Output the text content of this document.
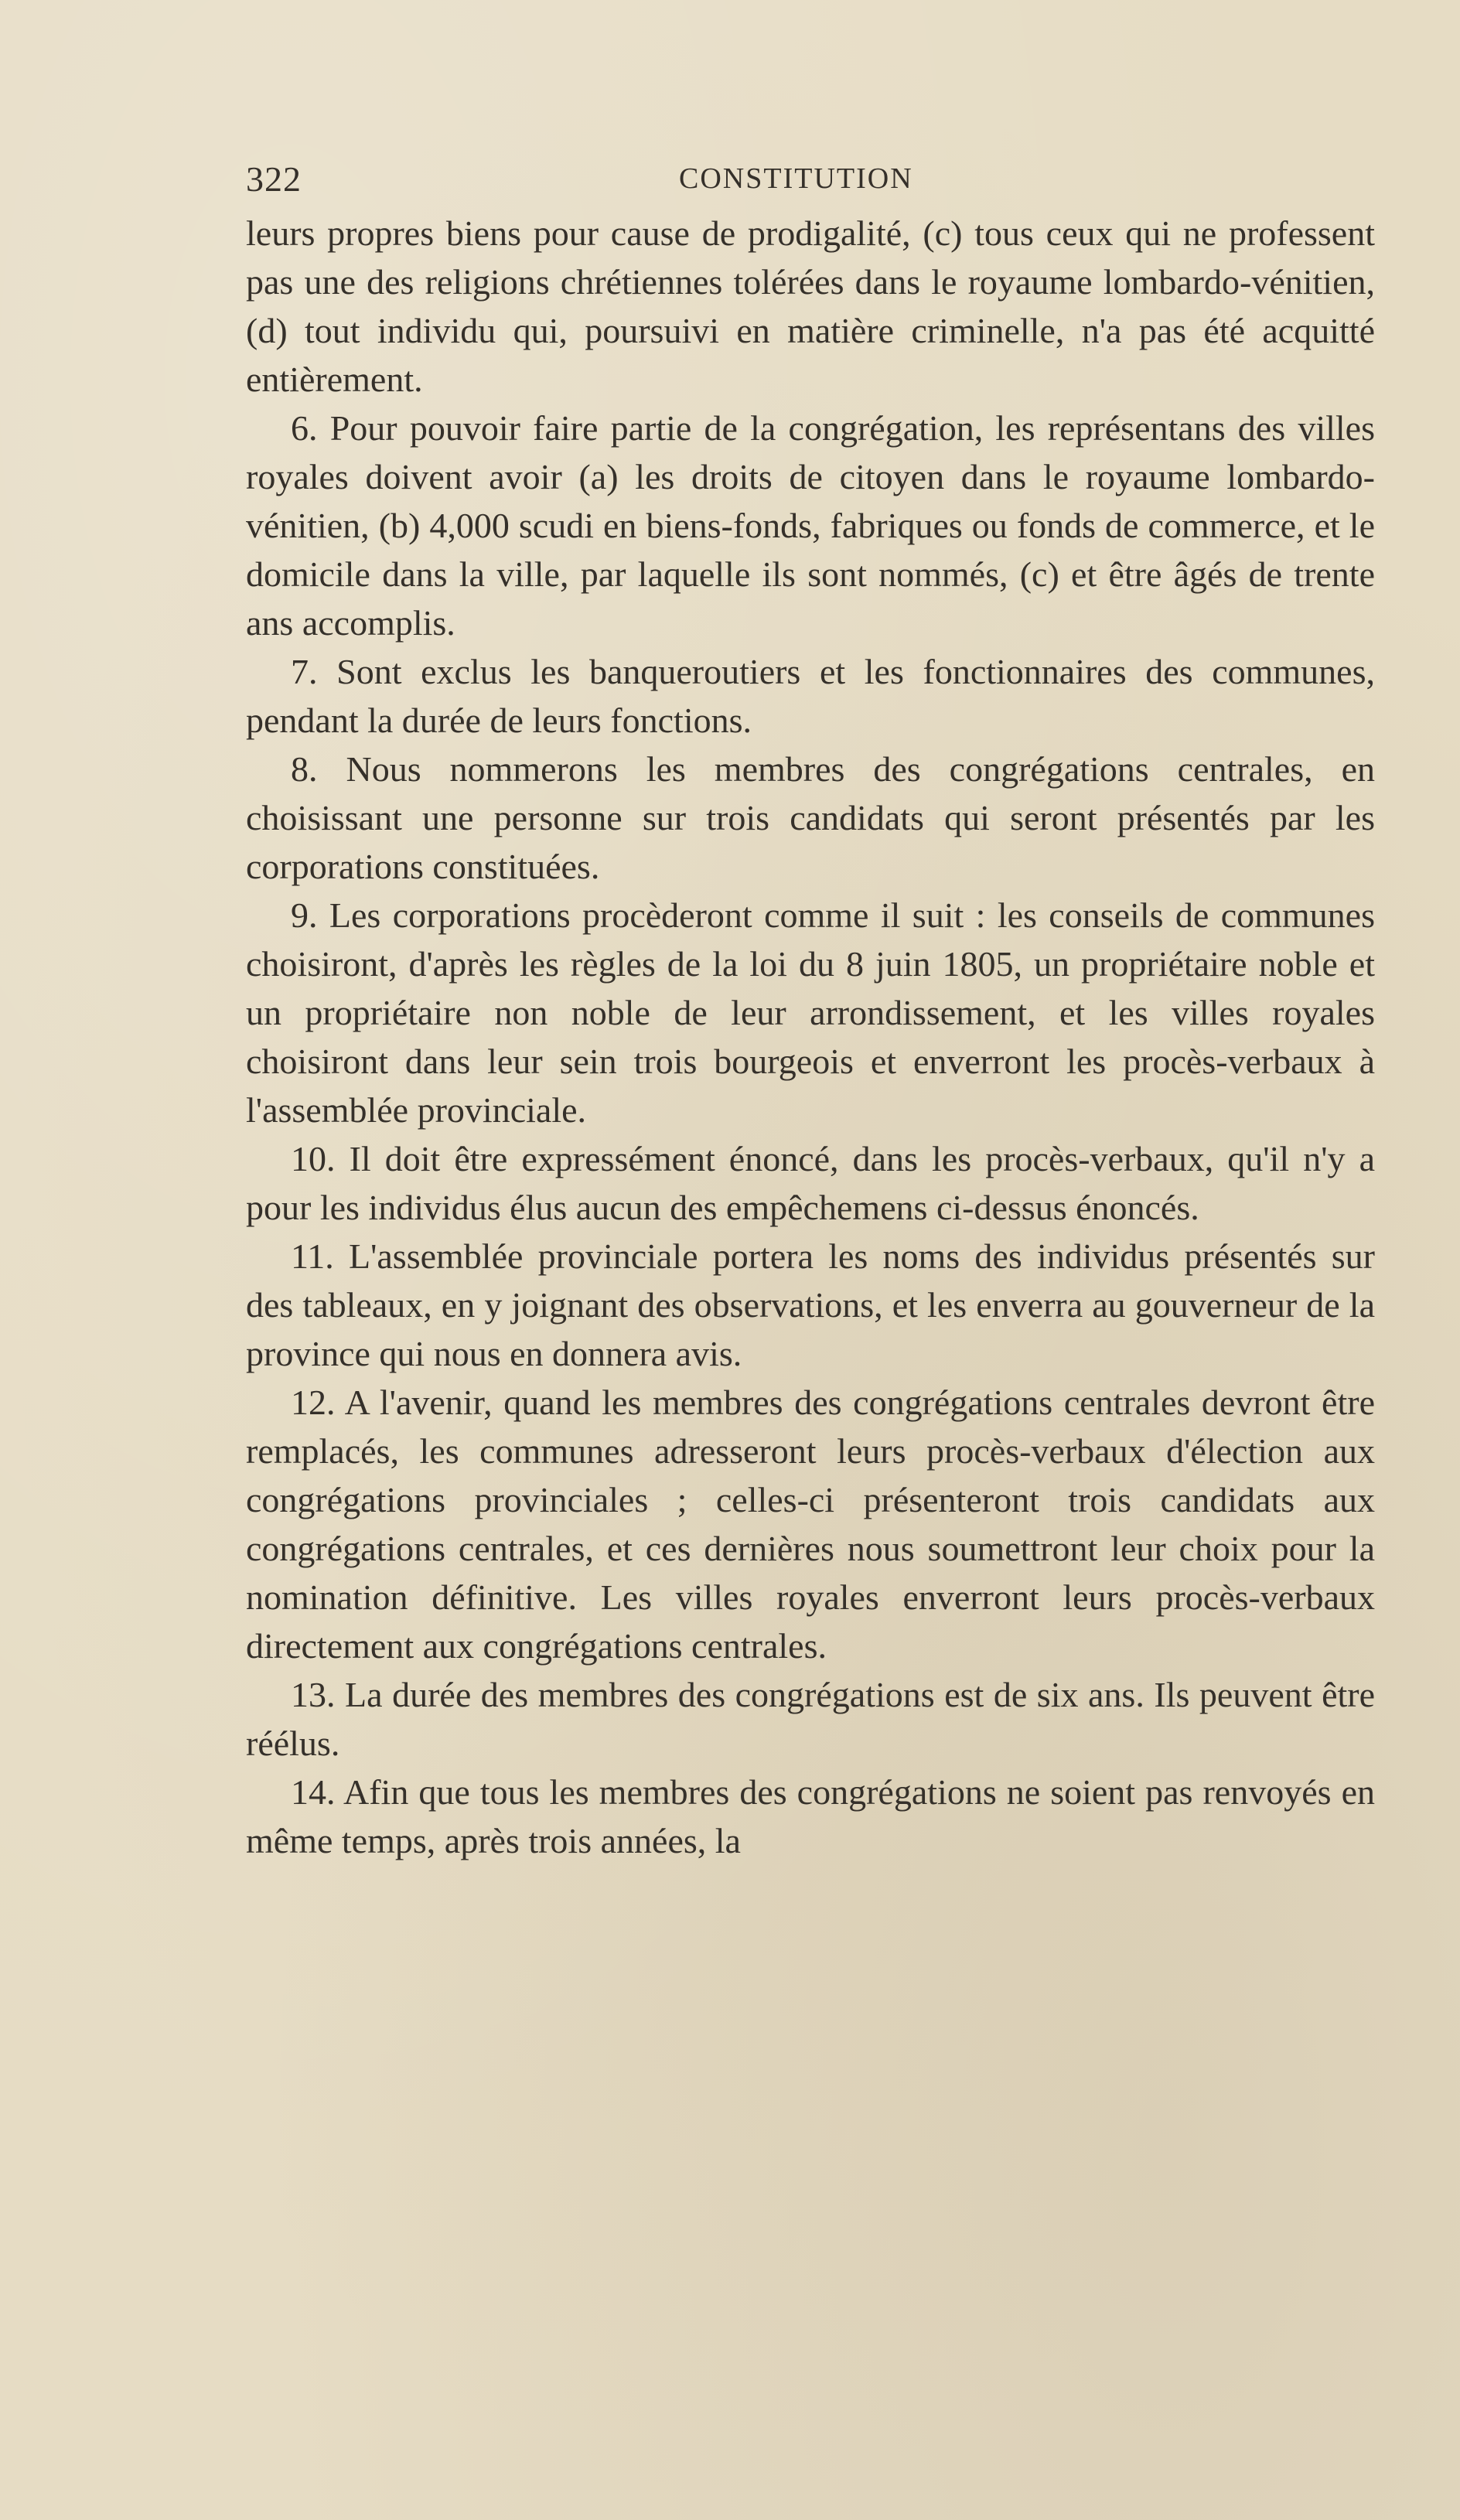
322	CONSTITUTION

leurs propres biens pour cause de prodigalité, (c) tous ceux qui ne professent pas une des religions chrétiennes tolérées dans le royaume lombardo-vénitien, (d) tout individu qui, poursuivi en matière criminelle, n'a pas été acquitté entièrement.

6. Pour pouvoir faire partie de la congrégation, les représentans des villes royales doivent avoir (a) les droits de citoyen dans le royaume lombardo-vénitien, (b) 4,000 scudi en biens-fonds, fabriques ou fonds de commerce, et le domicile dans la ville, par laquelle ils sont nommés, (c) et être âgés de trente ans accomplis.

7. Sont exclus les banqueroutiers et les fonctionnaires des communes, pendant la durée de leurs fonctions.

8. Nous nommerons les membres des congrégations centrales, en choisissant une personne sur trois candidats qui seront présentés par les corporations constituées.

9. Les corporations procèderont comme il suit : les conseils de communes choisiront, d'après les règles de la loi du 8 juin 1805, un propriétaire noble et un propriétaire non noble de leur arrondissement, et les villes royales choisiront dans leur sein trois bourgeois et enverront les procès-verbaux à l'assemblée provinciale.

10. Il doit être expressément énoncé, dans les procès-verbaux, qu'il n'y a pour les individus élus aucun des empêchemens ci-dessus énoncés.

11. L'assemblée provinciale portera les noms des individus présentés sur des tableaux, en y joignant des observations, et les enverra au gouverneur de la province qui nous en donnera avis.

12. A l'avenir, quand les membres des congrégations centrales devront être remplacés, les communes adresseront leurs procès-verbaux d'élection aux congrégations provinciales ; celles-ci présenteront trois candidats aux congrégations centrales, et ces dernières nous soumettront leur choix pour la nomination définitive. Les villes royales enverront leurs procès-verbaux directement aux congrégations centrales.

13. La durée des membres des congrégations est de six ans. Ils peuvent être réélus.

14. Afin que tous les membres des congrégations ne soient pas renvoyés en même temps, après trois années, la
